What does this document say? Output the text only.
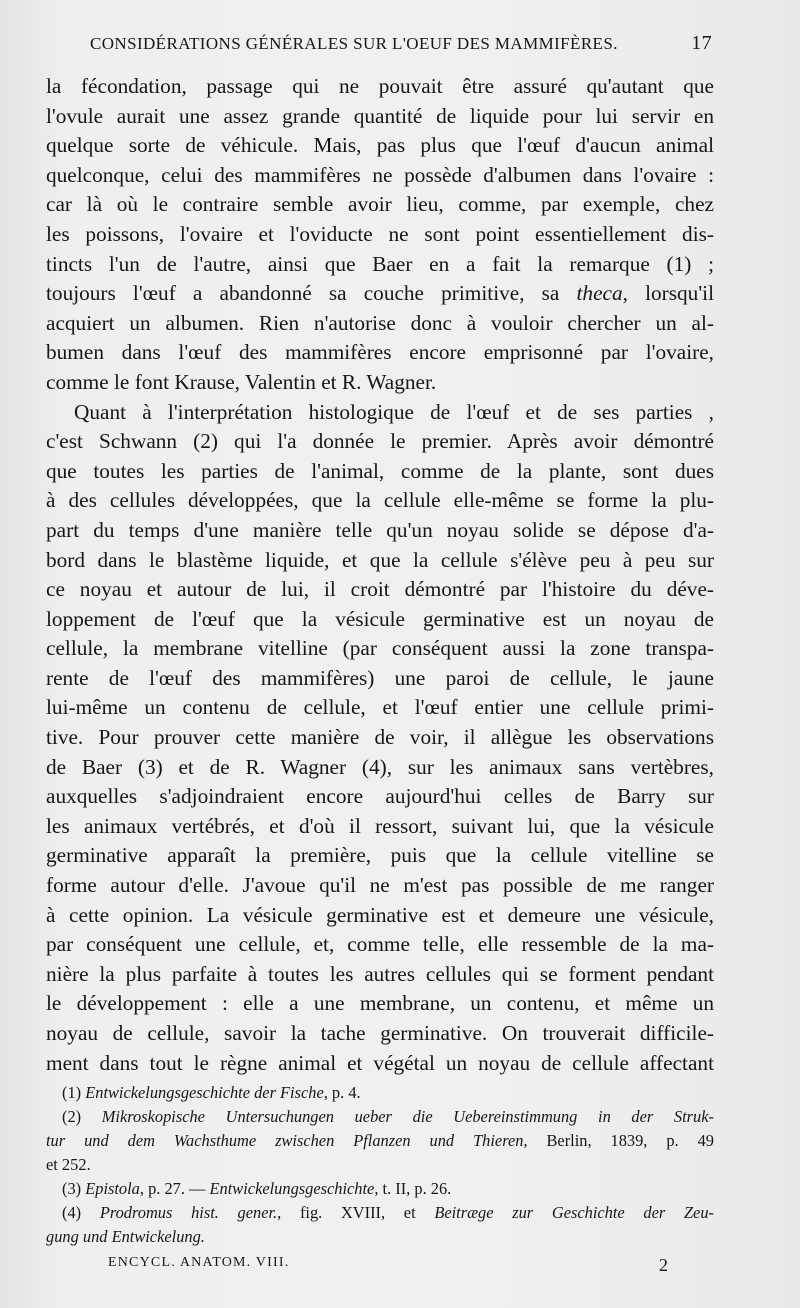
CONSIDÉRATIONS GÉNÉRALES SUR L'OEUF DES MAMMIFÈRES.	17
la fécondation, passage qui ne pouvait être assuré qu'autant que
l'ovule aurait une assez grande quantité de liquide pour lui servir en
quelque sorte de véhicule. Mais, pas plus que l'œuf d'aucun animal
quelconque, celui des mammifères ne possède d'albumen dans l'ovaire :
car là où le contraire semble avoir lieu, comme, par exemple, chez
les poissons, l'ovaire et l'oviducte ne sont point essentiellement dis-
tincts l'un de l'autre, ainsi que Baer en a fait la remarque (1) ;
toujours l'œuf a abandonné sa couche primitive, sa theca, lorsqu'il
acquiert un albumen. Rien n'autorise donc à vouloir chercher un al-
bumen dans l'œuf des mammifères encore emprisonné par l'ovaire,
comme le font Krause, Valentin et R. Wagner.
Quant à l'interprétation histologique de l'œuf et de ses parties ,
c'est Schwann (2) qui l'a donnée le premier. Après avoir démontré
que toutes les parties de l'animal, comme de la plante, sont dues
à des cellules développées, que la cellule elle-même se forme la plu-
part du temps d'une manière telle qu'un noyau solide se dépose d'a-
bord dans le blastème liquide, et que la cellule s'élève peu à peu sur
ce noyau et autour de lui, il croit démontré par l'histoire du déve-
loppement de l'œuf que la vésicule germinative est un noyau de
cellule, la membrane vitelline (par conséquent aussi la zone transpa-
rente de l'œuf des mammifères) une paroi de cellule, le jaune
lui-même un contenu de cellule, et l'œuf entier une cellule primi-
tive. Pour prouver cette manière de voir, il allègue les observations
de Baer (3) et de R. Wagner (4), sur les animaux sans vertèbres,
auxquelles s'adjoindraient encore aujourd'hui celles de Barry sur
les animaux vertébrés, et d'où il ressort, suivant lui, que la vésicule
germinative apparaît la première, puis que la cellule vitelline se
forme autour d'elle. J'avoue qu'il ne m'est pas possible de me ranger
à cette opinion. La vésicule germinative est et demeure une vésicule,
par conséquent une cellule, et, comme telle, elle ressemble de la ma-
nière la plus parfaite à toutes les autres cellules qui se forment pendant
le développement : elle a une membrane, un contenu, et même un
noyau de cellule, savoir la tache germinative. On trouverait difficile-
ment dans tout le règne animal et végétal un noyau de cellule affectant
(1) Entwickelungsgeschichte der Fische, p. 4.
(2) Mikroskopische Untersuchungen ueber die Uebereinstimmung in der Struk-
tur und dem Wachsthume zwischen Pflanzen und Thieren, Berlin, 1839, p. 49
et 252.
(3) Epistola, p. 27. — Entwickelungsgeschichte, t. II, p. 26.
(4) Prodromus hist. gener., fig. XVIII, et Beitræge zur Geschichte der Zeu-
gung und Entwickelung.
ENCYCL. ANATOM. VIII.	2
